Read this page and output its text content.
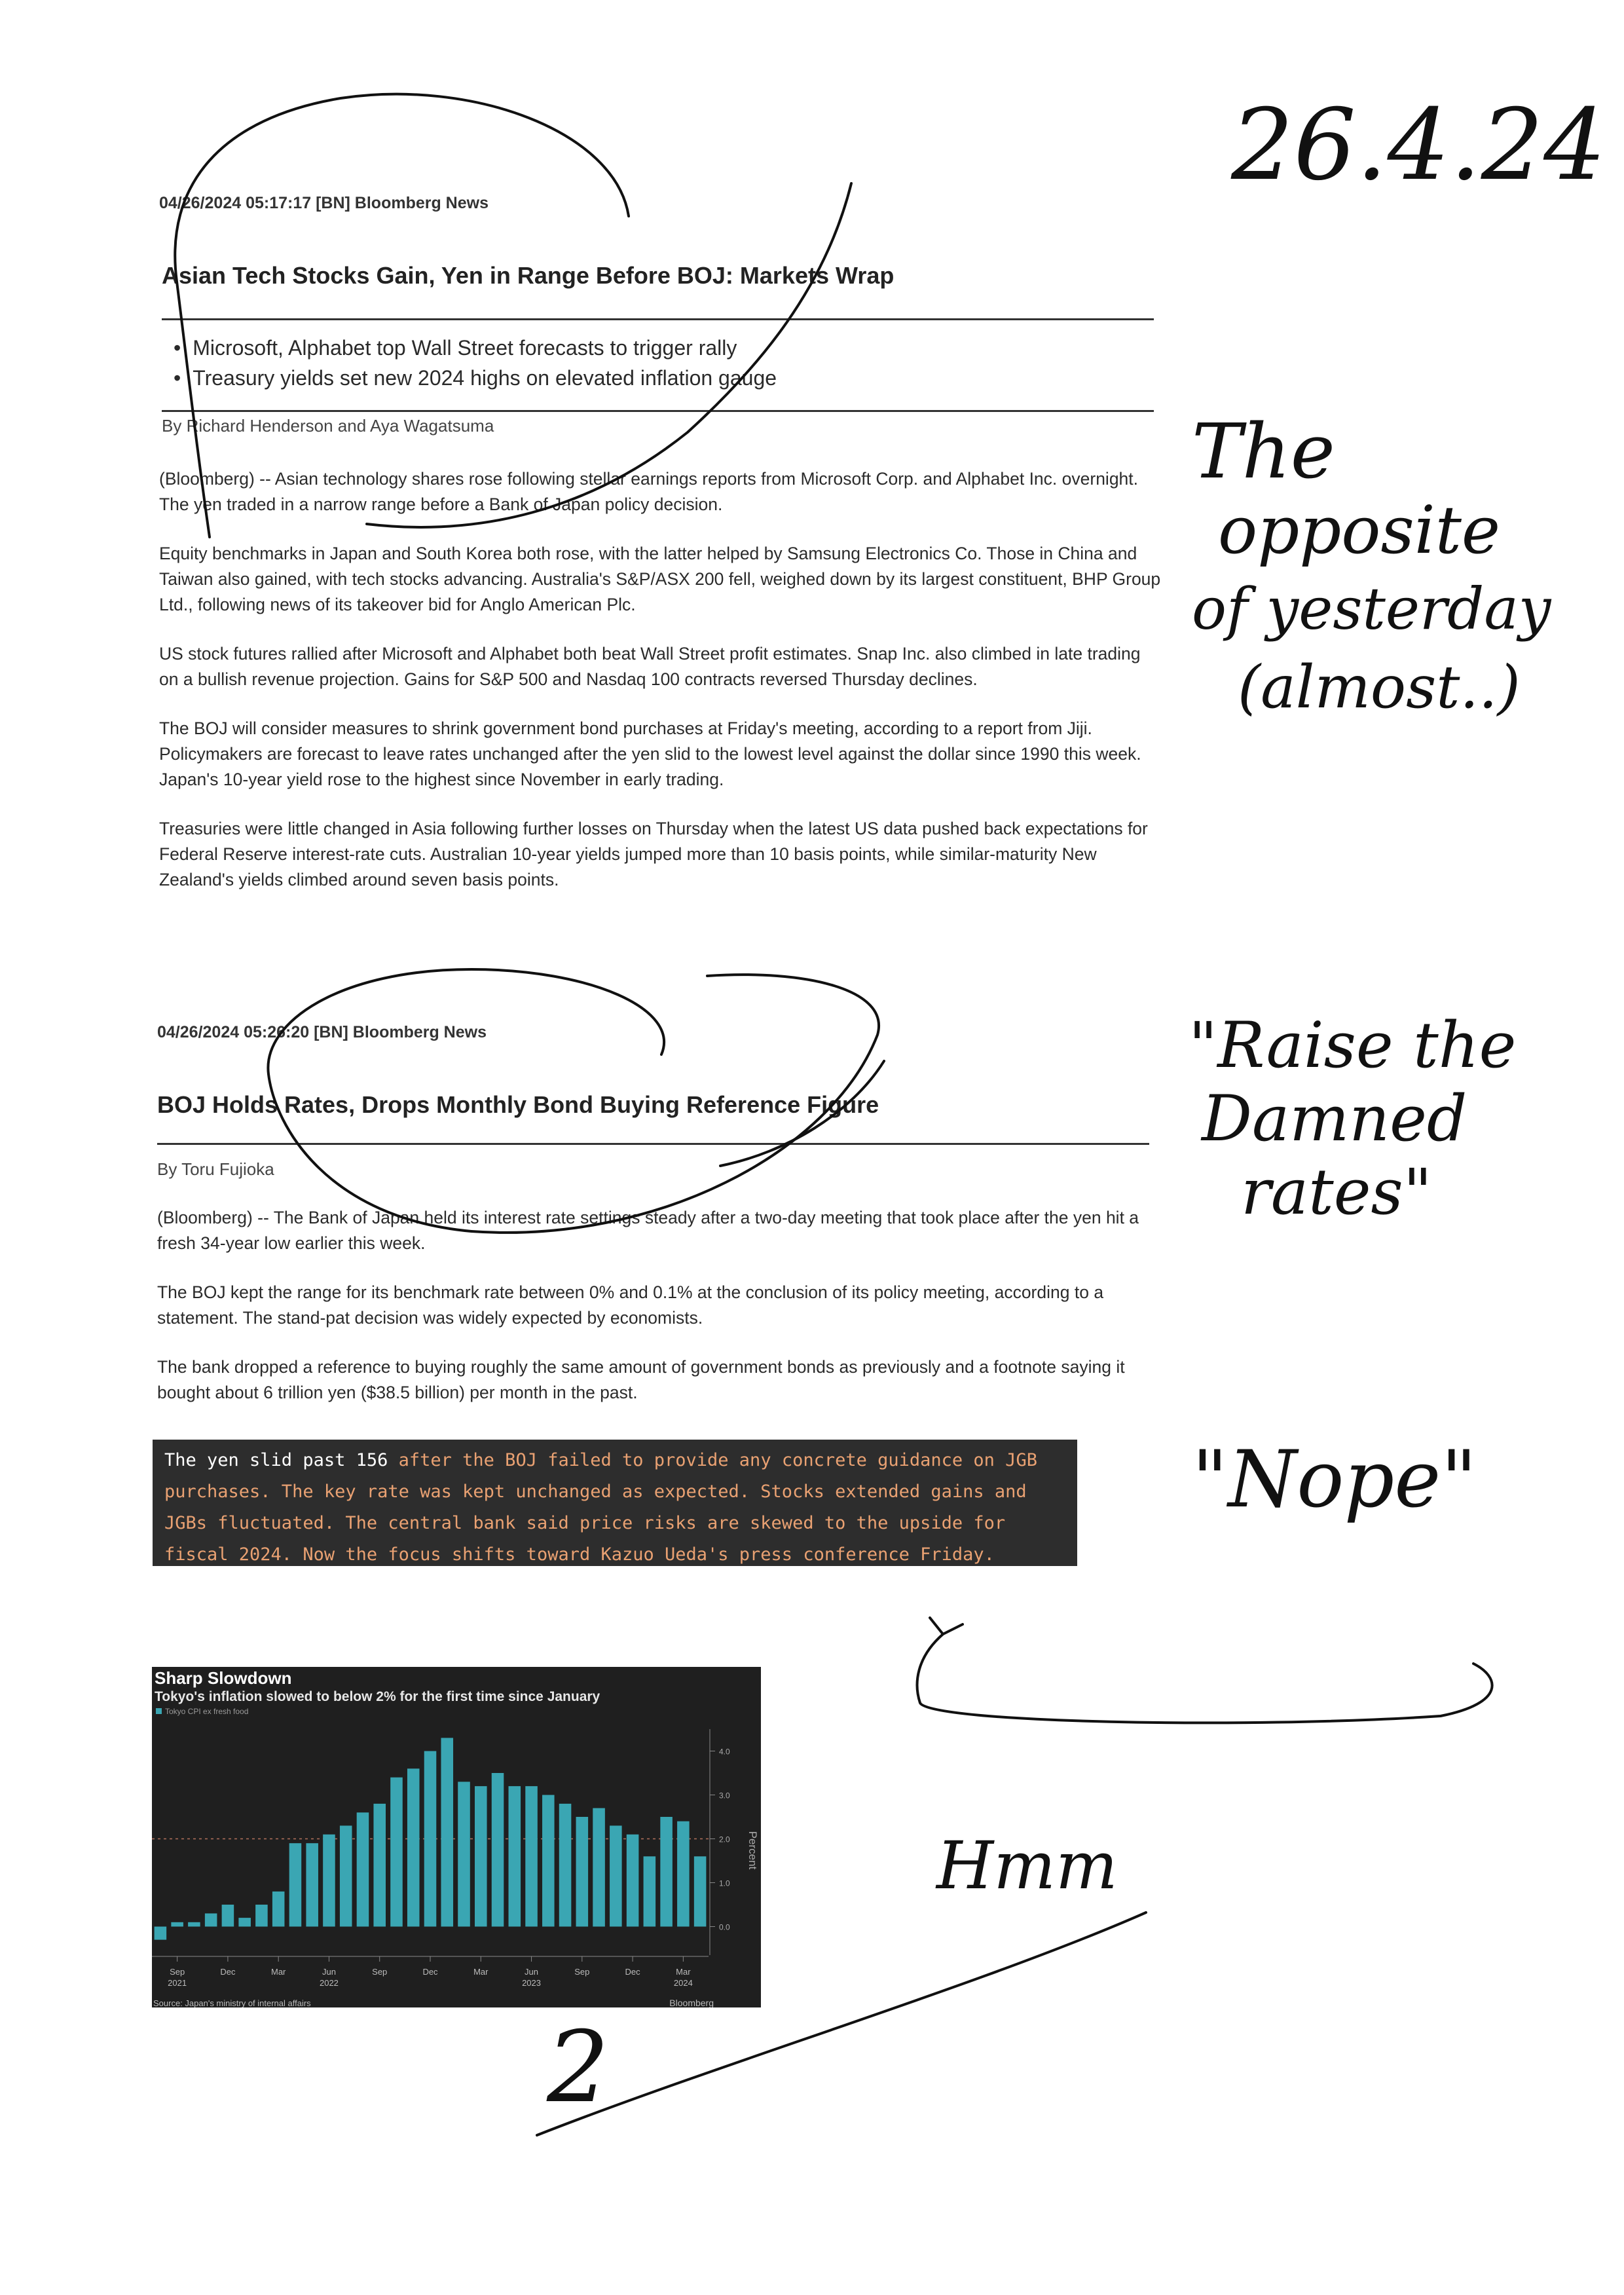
04/26/2024 05:17:17 [BN] Bloomberg News
Asian Tech Stocks Gain, Yen in Range Before BOJ: Markets Wrap
• Microsoft, Alphabet top Wall Street forecasts to trigger rally
• Treasury yields set new 2024 highs on elevated inflation gauge
By Richard Henderson and Aya Wagatsuma

(Bloomberg) -- Asian technology shares rose following stellar earnings reports from Microsoft Corp. and Alphabet Inc. overnight. The yen traded in a narrow range before a Bank of Japan policy decision.

Equity benchmarks in Japan and South Korea both rose, with the latter helped by Samsung Electronics Co. Those in China and Taiwan also gained, with tech stocks advancing. Australia's S&P/ASX 200 fell, weighed down by its largest constituent, BHP Group Ltd., following news of its takeover bid for Anglo American Plc.

US stock futures rallied after Microsoft and Alphabet both beat Wall Street profit estimates. Snap Inc. also climbed in late trading on a bullish revenue projection. Gains for S&P 500 and Nasdaq 100 contracts reversed Thursday declines.

The BOJ will consider measures to shrink government bond purchases at Friday's meeting, according to a report from Jiji. Policymakers are forecast to leave rates unchanged after the yen slid to the lowest level against the dollar since 1990 this week. Japan's 10-year yield rose to the highest since November in early trading.

Treasuries were little changed in Asia following further losses on Thursday when the latest US data pushed back expectations for Federal Reserve interest-rate cuts. Australian 10-year yields jumped more than 10 basis points, while similar-maturity New Zealand's yields climbed around seven basis points.

04/26/2024 05:26:20 [BN] Bloomberg News
BOJ Holds Rates, Drops Monthly Bond Buying Reference Figure
By Toru Fujioka

(Bloomberg) -- The Bank of Japan held its interest rate settings steady after a two-day meeting that took place after the yen hit a fresh 34-year low earlier this week.

The BOJ kept the range for its benchmark rate between 0% and 0.1% at the conclusion of its policy meeting, according to a statement. The stand-pat decision was widely expected by economists.

The bank dropped a reference to buying roughly the same amount of government bonds as previously and a footnote saying it bought about 6 trillion yen ($38.5 billion) per month in the past.

The yen slid past 156 after the BOJ failed to provide any concrete guidance on JGB purchases. The key rate was kept unchanged as expected. Stocks extended gains and JGBs fluctuated. The central bank said price risks are skewed to the upside for fiscal 2024. Now the focus shifts toward Kazuo Ueda's press conference Friday.
Sharp Slowdown
Tokyo's inflation slowed to below 2% for the first time since January
Tokyo CPI ex fresh food
4.0
3.0
2.0
1.0
0.0
Sep
2021
Dec	Mar	Jun
2022
Sep	Dec	Mar	Jun
2023
Sep	Dec	Mar
2024
Percent
Source: Japan's ministry of internal affairs	Bloomberg
26.4.24
The
opposite
of yesterday
(almost..)
"Raise the
Damned
rates"
"Nope"
Hmm
2
